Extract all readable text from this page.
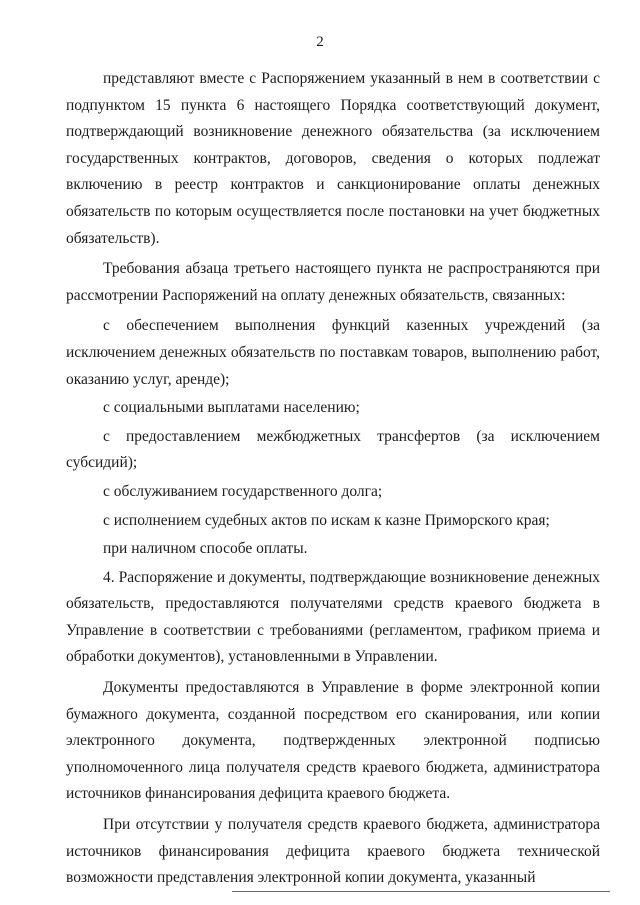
2

представляют вместе с Распоряжением указанный в нем в соответствии с подпунктом 15 пункта 6 настоящего Порядка соответствующий документ, подтверждающий возникновение денежного обязательства (за исключением государственных контрактов, договоров, сведения о которых подлежат включению в реестр контрактов и санкционирование оплаты денежных обязательств по которым осуществляется после постановки на учет бюджетных обязательств).

Требования абзаца третьего настоящего пункта не распространяются при рассмотрении Распоряжений на оплату денежных обязательств, связанных:

с обеспечением выполнения функций казенных учреждений (за исключением денежных обязательств по поставкам товаров, выполнению работ, оказанию услуг, аренде);

с социальными выплатами населению;

с предоставлением межбюджетных трансфертов (за исключением субсидий);

с обслуживанием государственного долга;

с исполнением судебных актов по искам к казне Приморского края;

при наличном способе оплаты.

4. Распоряжение и документы, подтверждающие возникновение денежных обязательств, предоставляются получателями средств краевого бюджета в Управление в соответствии с требованиями (регламентом, графиком приема и обработки документов), установленными в Управлении.

Документы предоставляются в Управление в форме электронной копии бумажного документа, созданной посредством его сканирования, или копии электронного документа, подтвержденных электронной подписью уполномоченного лица получателя средств краевого бюджета, администратора источников финансирования дефицита краевого бюджета.

При отсутствии у получателя средств краевого бюджета, администратора источников финансирования дефицита краевого бюджета технической возможности представления электронной копии документа, указанный
